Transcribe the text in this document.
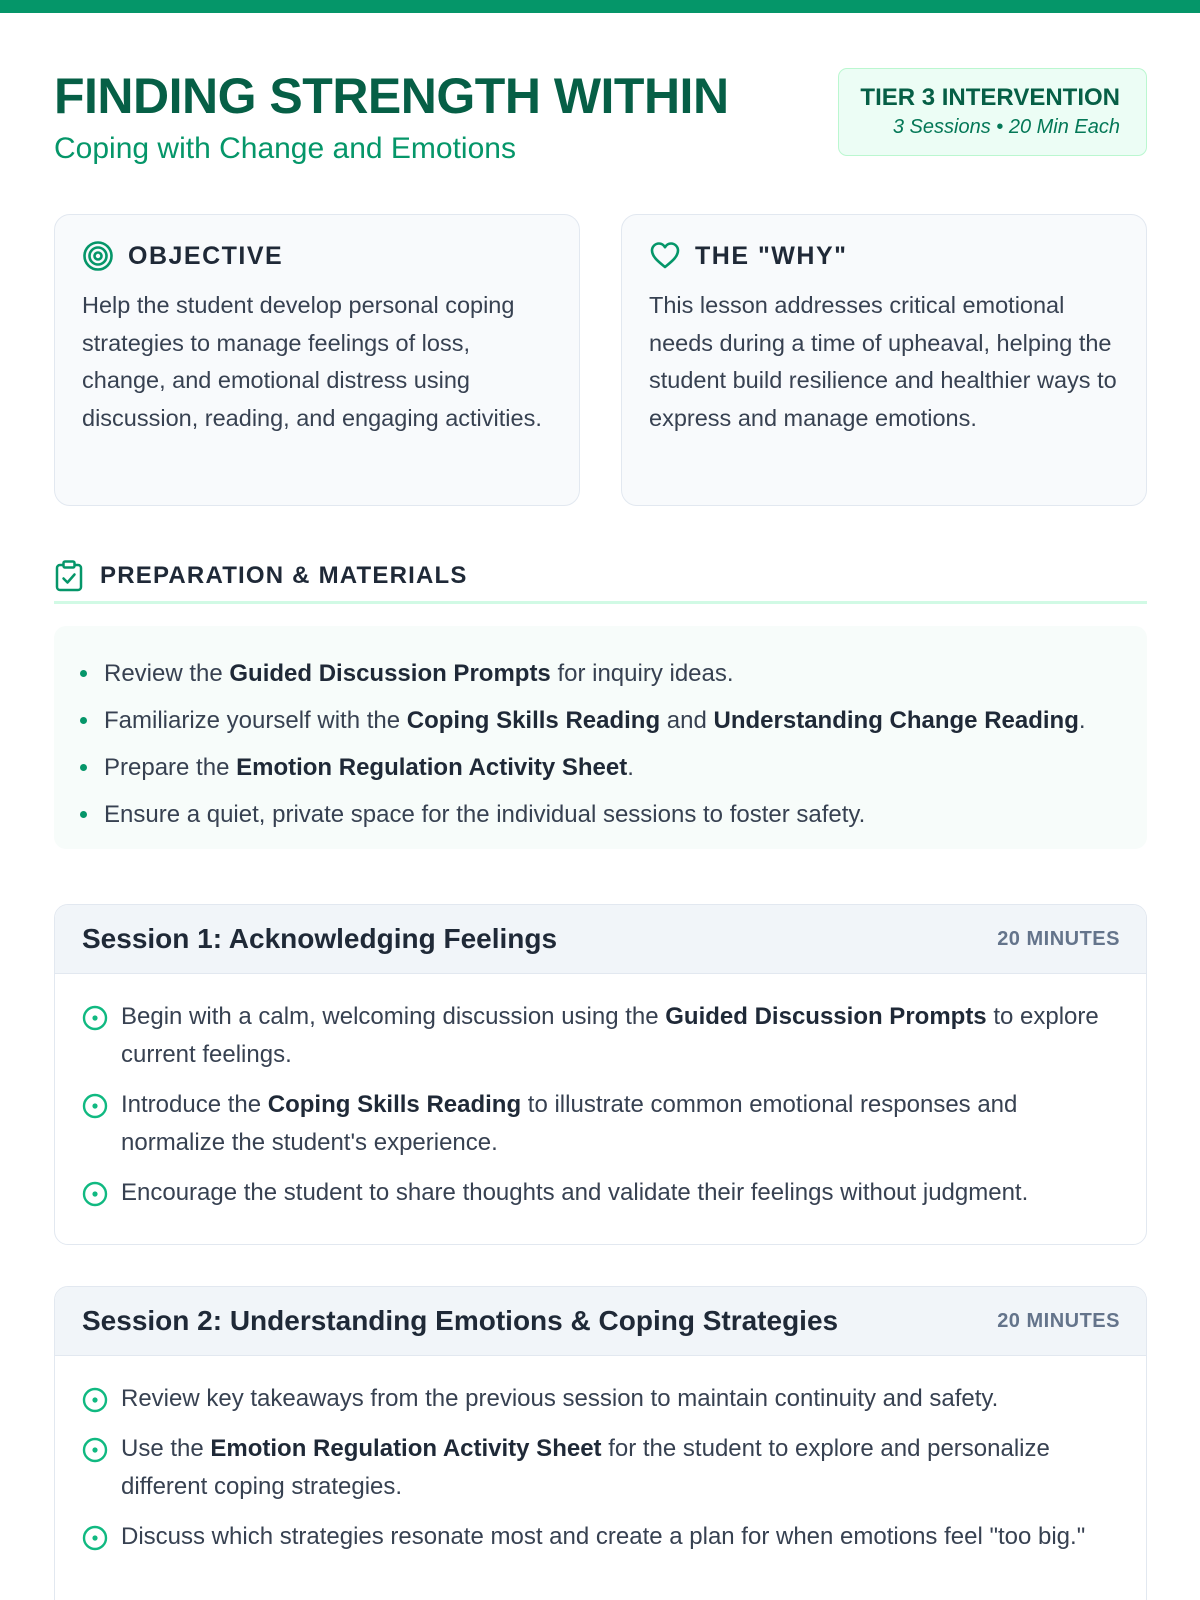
FINDING STRENGTH WITHIN
Coping with Change and Emotions
TIER 3 INTERVENTION
3 Sessions • 20 Min Each
OBJECTIVE

Help the student develop personal coping strategies to manage feelings of loss, change, and emotional distress using discussion, reading, and engaging activities.

THE "WHY"

This lesson addresses critical emotional needs during a time of upheaval, helping the student build resilience and healthier ways to express and manage emotions.

PREPARATION & MATERIALS
Review the Guided Discussion Prompts for inquiry ideas.
Familiarize yourself with the Coping Skills Reading and Understanding Change Reading.
Prepare the Emotion Regulation Activity Sheet.
Ensure a quiet, private space for the individual sessions to foster safety.
Session 1: Acknowledging Feelings	20 MINUTES
Begin with a calm, welcoming discussion using the Guided Discussion Prompts to explore current feelings.
Introduce the Coping Skills Reading to illustrate common emotional responses and normalize the student's experience.
Encourage the student to share thoughts and validate their feelings without judgment.
Session 2: Understanding Emotions & Coping Strategies	20 MINUTES
Review key takeaways from the previous session to maintain continuity and safety.
Use the Emotion Regulation Activity Sheet for the student to explore and personalize different coping strategies.
Discuss which strategies resonate most and create a plan for when emotions feel "too big."
